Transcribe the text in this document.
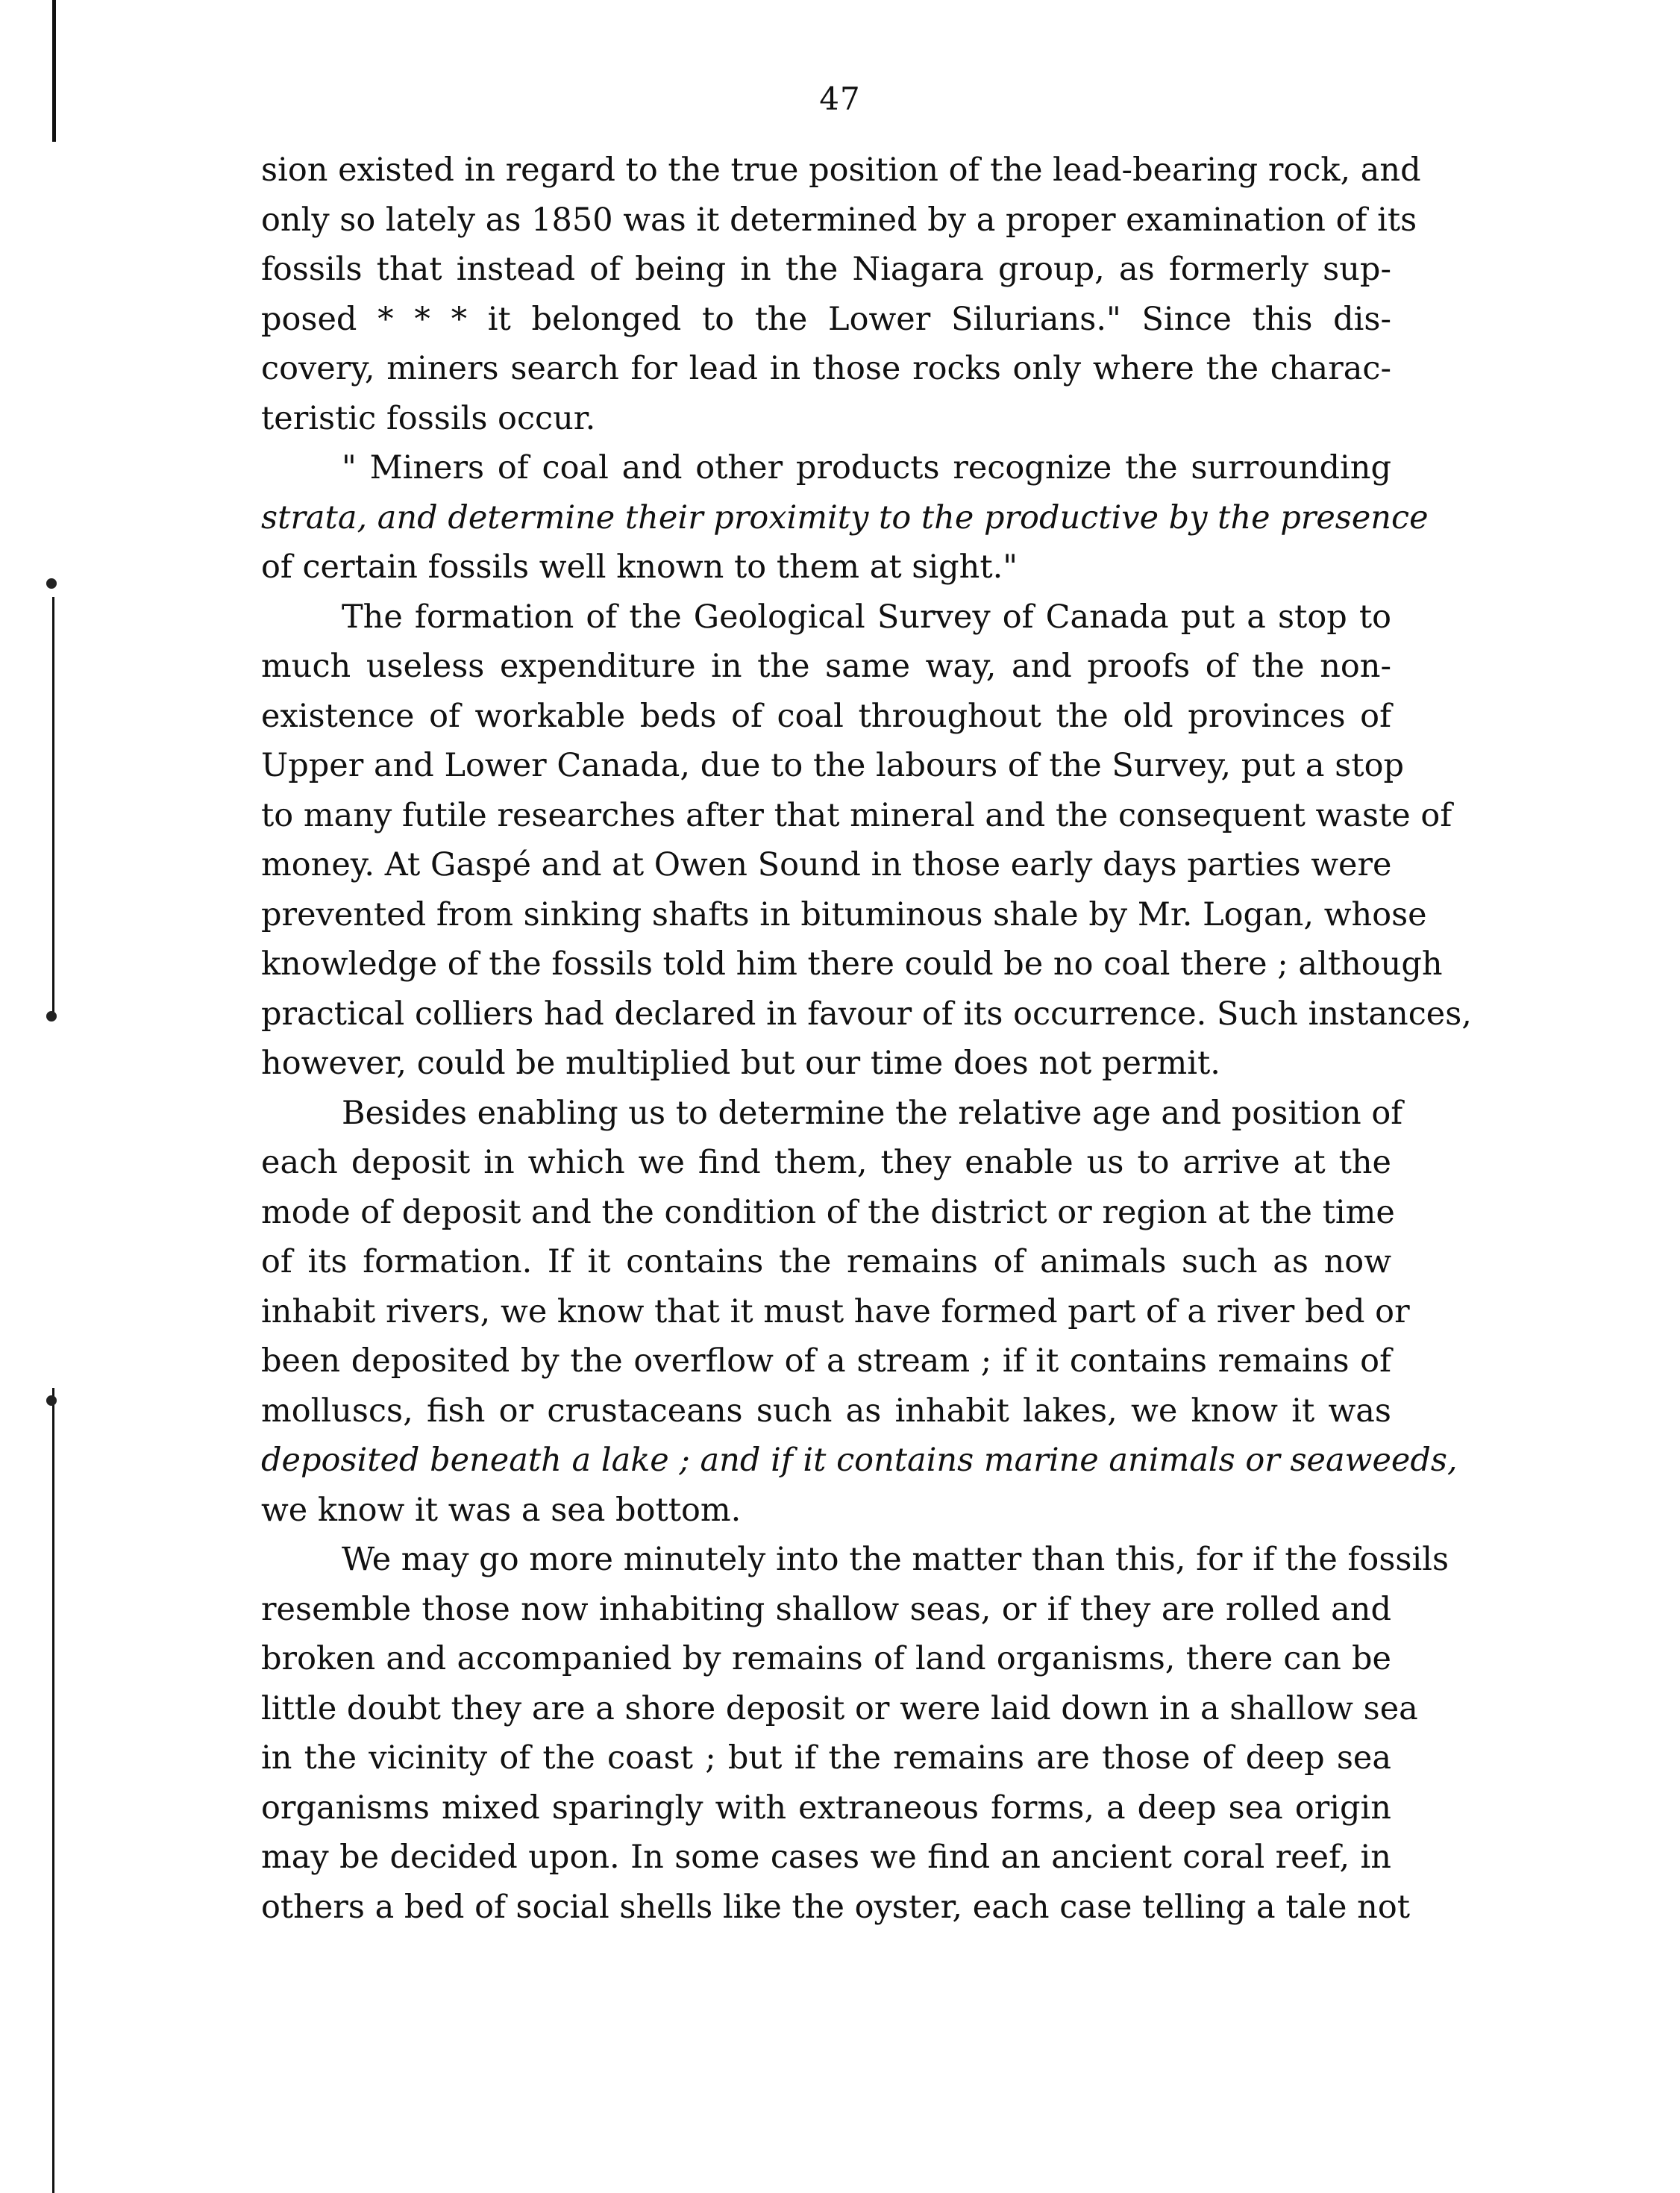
47
sion existed in regard to the true position of the lead-bearing rock, and
only so lately as 1850 was it determined by a proper examination of its
fossils that instead of being in the Niagara group, as formerly sup-
posed * * * it belonged to the Lower Silurians." Since this dis-
covery, miners search for lead in those rocks only where the charac-
teristic fossils occur.
" Miners of coal and other products recognize the surrounding
strata, and determine their proximity to the productive by the presence
of certain fossils well known to them at sight."
The formation of the Geological Survey of Canada put a stop to
much useless expenditure in the same way, and proofs of the non-
existence of workable beds of coal throughout the old provinces of
Upper and Lower Canada, due to the labours of the Survey, put a stop
to many futile researches after that mineral and the consequent waste of
money. At Gaspé and at Owen Sound in those early days parties were
prevented from sinking shafts in bituminous shale by Mr. Logan, whose
knowledge of the fossils told him there could be no coal there ; although
practical colliers had declared in favour of its occurrence. Such instances,
however, could be multiplied but our time does not permit.
Besides enabling us to determine the relative age and position of
each deposit in which we find them, they enable us to arrive at the
mode of deposit and the condition of the district or region at the time
of its formation. If it contains the remains of animals such as now
inhabit rivers, we know that it must have formed part of a river bed or
been deposited by the overflow of a stream ; if it contains remains of
molluscs, fish or crustaceans such as inhabit lakes, we know it was
deposited beneath a lake ; and if it contains marine animals or seaweeds,
we know it was a sea bottom.
We may go more minutely into the matter than this, for if the fossils
resemble those now inhabiting shallow seas, or if they are rolled and
broken and accompanied by remains of land organisms, there can be
little doubt they are a shore deposit or were laid down in a shallow sea
in the vicinity of the coast ; but if the remains are those of deep sea
organisms mixed sparingly with extraneous forms, a deep sea origin
may be decided upon. In some cases we find an ancient coral reef, in
others a bed of social shells like the oyster, each case telling a tale not
